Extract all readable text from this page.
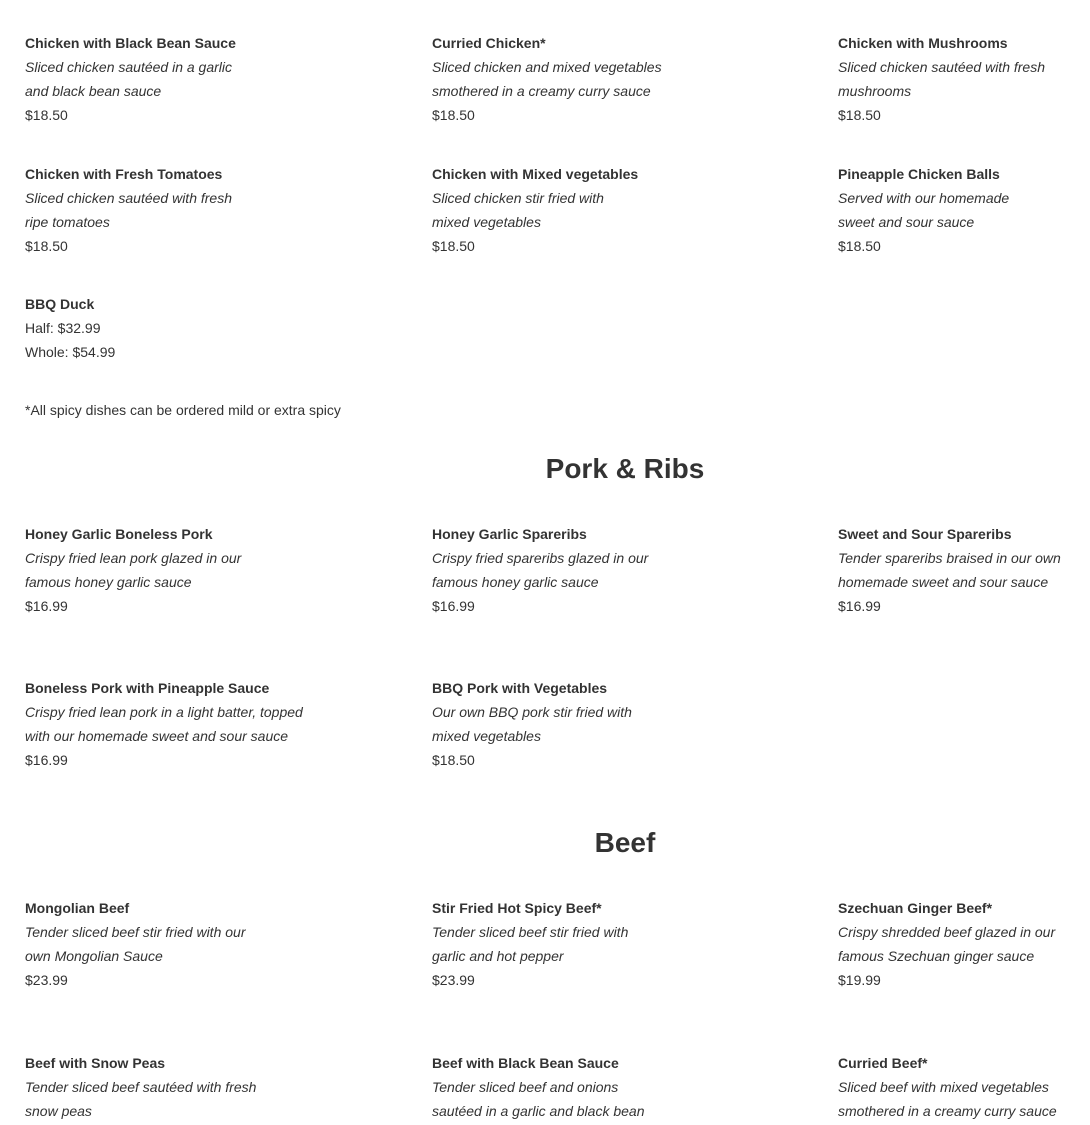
Chicken with Black Bean Sauce
Sliced chicken sautéed in a garlic
and black bean sauce
$18.50
Curried Chicken*
Sliced chicken and mixed vegetables
smothered in a creamy curry sauce
$18.50
Chicken with Mushrooms
Sliced chicken sautéed with fresh
mushrooms
$18.50
Chicken with Fresh Tomatoes
Sliced chicken sautéed with fresh
ripe tomatoes
$18.50
Chicken with Mixed vegetables
Sliced chicken stir fried with
mixed vegetables
$18.50
Pineapple Chicken Balls
Served with our homemade
sweet and sour sauce
$18.50
BBQ Duck
Half: $32.99
Whole: $54.99
*All spicy dishes can be ordered mild or extra spicy
Pork & Ribs
Honey Garlic Boneless Pork
Crispy fried lean pork glazed in our
famous honey garlic sauce
$16.99
Honey Garlic Spareribs
Crispy fried spareribs glazed in our
famous honey garlic sauce
$16.99
Sweet and Sour Spareribs
Tender spareribs braised in our own
homemade sweet and sour sauce
$16.99
Boneless Pork with Pineapple Sauce
Crispy fried lean pork in a light batter, topped
with our homemade sweet and sour sauce
$16.99
BBQ Pork with Vegetables
Our own BBQ pork stir fried with
mixed vegetables
$18.50
Beef
Mongolian Beef
Tender sliced beef stir fried with our
own Mongolian Sauce
$23.99
Stir Fried Hot Spicy Beef*
Tender sliced beef stir fried with
garlic and hot pepper
$23.99
Szechuan Ginger Beef*
Crispy shredded beef glazed in our
famous Szechuan ginger sauce
$19.99
Beef with Snow Peas
Tender sliced beef sautéed with fresh
snow peas
Beef with Black Bean Sauce
Tender sliced beef and onions
sautéed in a garlic and black bean
Curried Beef*
Sliced beef with mixed vegetables
smothered in a creamy curry sauce
